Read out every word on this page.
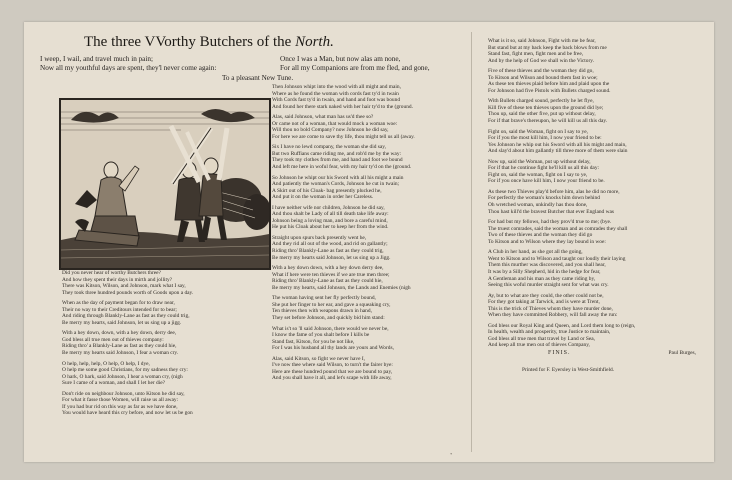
The three VVorthy Butchers of the North.
I weep, I wail, and travel much in pain;
Now all my youthful days are spent, they'l never come again:
Once I was a Man, but now alas am none,
For all my Companions are from me fled, and gone,
To a pleasant New Tune.
Did you never hear of worthy Butchers three?
And how they spent their days in mirth and jollity?
There was Kitson, Wilson, and Johnson, mark what I say,
They took three hundred pounds worth of Goods upon a day.
When as the day of payment began for to draw near,
Their no way to their Creditours intended for to bear;
And riding through Blankly-Lane as fast as they could trig,
Be merry my hearts, said Johnson, let us sing up a jigg.
With a hey down, down, with a hey down, derry dee,
God bless all true men out of thieves company:
Riding thro' a Blankly-Lane as fast as they could hie,
Be merry my hearts said Johnson, I fear a woman cry.
O help, help, help, O help, O help, I dye,
O help me some good Christians, for my sadness they cry:
O hark, O hark, said Johnson, I hear a woman cry, (nigh
Sure I came of a woman, and shall I let her die?
Don't ride on neighbour Johnson, unto Kitson he did say,
For what it fasse those Women, will raise us all away:
If you had bur rid on this way as far as we have done,
You would have heard this cry before, and now let us be gon
Then Johnson whipt into the wood with all might and main,
Where as he found the woman with cords fast ty'd in twain
With Cords fast ty'd in twain, and hand and foot was bound
And found her there stark naked with her hair ty'd to the (ground.
Alas, said Johnson, what man has us'd thee so?
Or came not of a woman, that would mock a woman woe:
Will thou no bold Company? now Johnson he did say,
For here we are come to save thy life, thou might tell us all (away.
Six I have no lewd company, the woman she did say,
But two Ruffians came riding me, and rob'd me by the way:
They took my clothes from me, and hand and foot we bound
And left me here in woful fear, with my hair ty'd on the (ground.
So Johnson he whipt our his Sword with all his might a main
And patiently the woman's Cords, Johnson he cut in twain;
A Skirt out of his Cloak- bag presently plucked he,
And put it on the woman in order her Careless.
I have neither wife nor children, Johnson he did say,
And thou shalt be Lady of all till death take life away:
Johnson being a loving man, and bore a careful mind,
He put his Cloak about her to keep her from the wind.
Straight upon spurs back presently went he,
And they rid all out of the wood, and rid on gallantly;
Riding thro' Blankly-Lane as fast as they could trig,
Be merry my hearts said Johnson, let us sing up a Jigg.
With a hey down down, with a hey down derry dee,
What if here were ten thieves if we are true men three;
Riding thro' Blankly-Lane as fast as they could hie,
Be merry my hearts, said Johnson, the Lands and Enemies (nigh
The woman having sent her fly perfectly bound,
She put her finger to her ear, and gave a squeaking cry,
Ten thieves then with weapons drawn in hand,
They set before Johnson, and quickly bid him stand:
What is't so 'll said Johnson, there would we never be,
I know the fame of you shalt before I kills be
Stand fast, Kitson, for you be not like,
For I was his husband all thy lands are yours and Words,
Alas, said Kitson, so fight we never have I,
I've now thee where said Wilson, to turn't the fairer bye:
Here are these hundred pound that we are bound to pay,
And you shall have it all, and let's scape with life away,
What is it so, said Johnson, Fight with me be fear,
But stand but at my back keep the back blows from me
Stand fast, fight men, fight men and be free,
And by the help of God we shall win the Victory.
Five of these thieves and the woman they did go,
To Kitson and Wilson and bound them fast in woe;
As these ten thieves plaid before him and plaid upon the
For Johnson had five Pistols with Bullets charged sound.
With Bullets charged sound, perfectly he let flye,
Kill five of these ten thieves upon the ground did lye;
Thou up, said the other five, put up without delay,
For if that brave's thereupon, he will kill us all this day.
Fight on, said the Woman, fight on I say to ye,
For if you the most kill him, I now your friend to be:
Yes Johnson he whip out his Sword with all his might and main,
And slay'd about him gallantly till three more of them were slain
Now up, said the Woman, put up without delay,
For if that he continue fight he'll kill us all this day:
Fight on, said the woman, fight on I say to ye,
For if you once have kill him, I now your friend to be.
As these two Thieves play'd before him, alas he did no more,
For perfectly the woman's knocks him down behind
Oh wretched woman, unkindly has thou done,
Thou hast kill'd the bravest Butcher that ever England was
For had but my fellows, had they prov'd true to me; (bye.
The truest comrades, said the woman and as comrades they shall
Two of these thieves and the woman they did go
To Kitson and to Wilson where they lay bound in woe:
A Club in her hand, as she got all the going,
Went to Kitson and to Wilson and taught our loudly their laying
Them this murther was discovered, and you shall hear,
It was by a Silly Shepherd, hid in the hedge for fear,
A Gentleman and his man as they came riding by,
Seeing this woful murder straight sent for what was cry.
Ay, but to what are they could, the other could not be,
For they got taking at Tarwick, and is were at Trent,
This is the trick of Thieves whom they have murder done,
When they have committed Robbery, will fall away the run:
God bless our Royal King and Queen, and Lord them long to (reign,
In health, wealth and prosperity, true Justice to maintain,
God bless all true men that travel by Land or Sea,
And keep all true men out of thieves Company,
FINIS.	Paul Burges,
Printed for F. Eyersley in West-Smithfield.
*
